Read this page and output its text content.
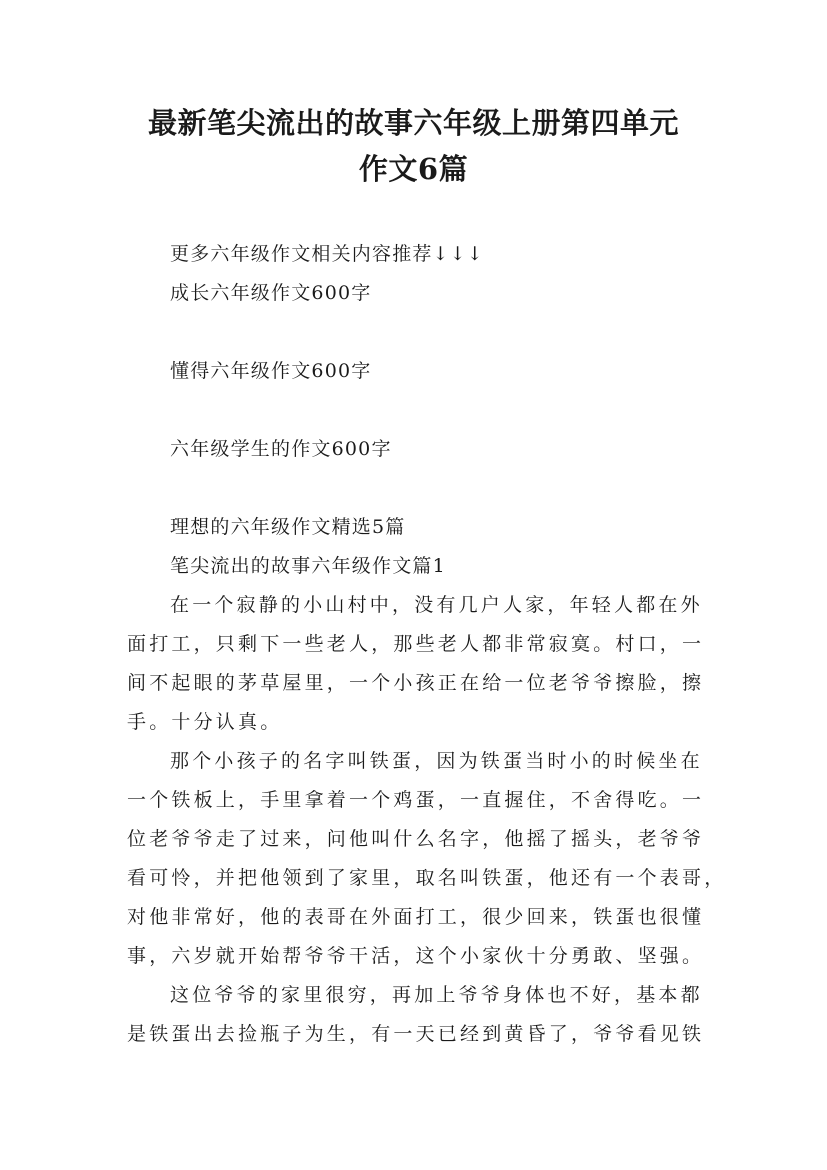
最新笔尖流出的故事六年级上册第四单元
作文6篇
更多六年级作文相关内容推荐↓↓↓
成长六年级作文600字
懂得六年级作文600字
六年级学生的作文600字
理想的六年级作文精选5篇
笔尖流出的故事六年级作文篇1
在一个寂静的小山村中，没有几户人家，年轻人都在外
面打工，只剩下一些老人，那些老人都非常寂寞。村口，一
间不起眼的茅草屋里，一个小孩正在给一位老爷爷擦脸，擦
手。十分认真。
那个小孩子的名字叫铁蛋，因为铁蛋当时小的时候坐在
一个铁板上，手里拿着一个鸡蛋，一直握住，不舍得吃。一
位老爷爷走了过来，问他叫什么名字，他摇了摇头，老爷爷
看可怜，并把他领到了家里，取名叫铁蛋，他还有一个表哥，
对他非常好，他的表哥在外面打工，很少回来，铁蛋也很懂
事，六岁就开始帮爷爷干活，这个小家伙十分勇敢、坚强。
这位爷爷的家里很穷，再加上爷爷身体也不好，基本都
是铁蛋出去捡瓶子为生，有一天已经到黄昏了，爷爷看见铁
